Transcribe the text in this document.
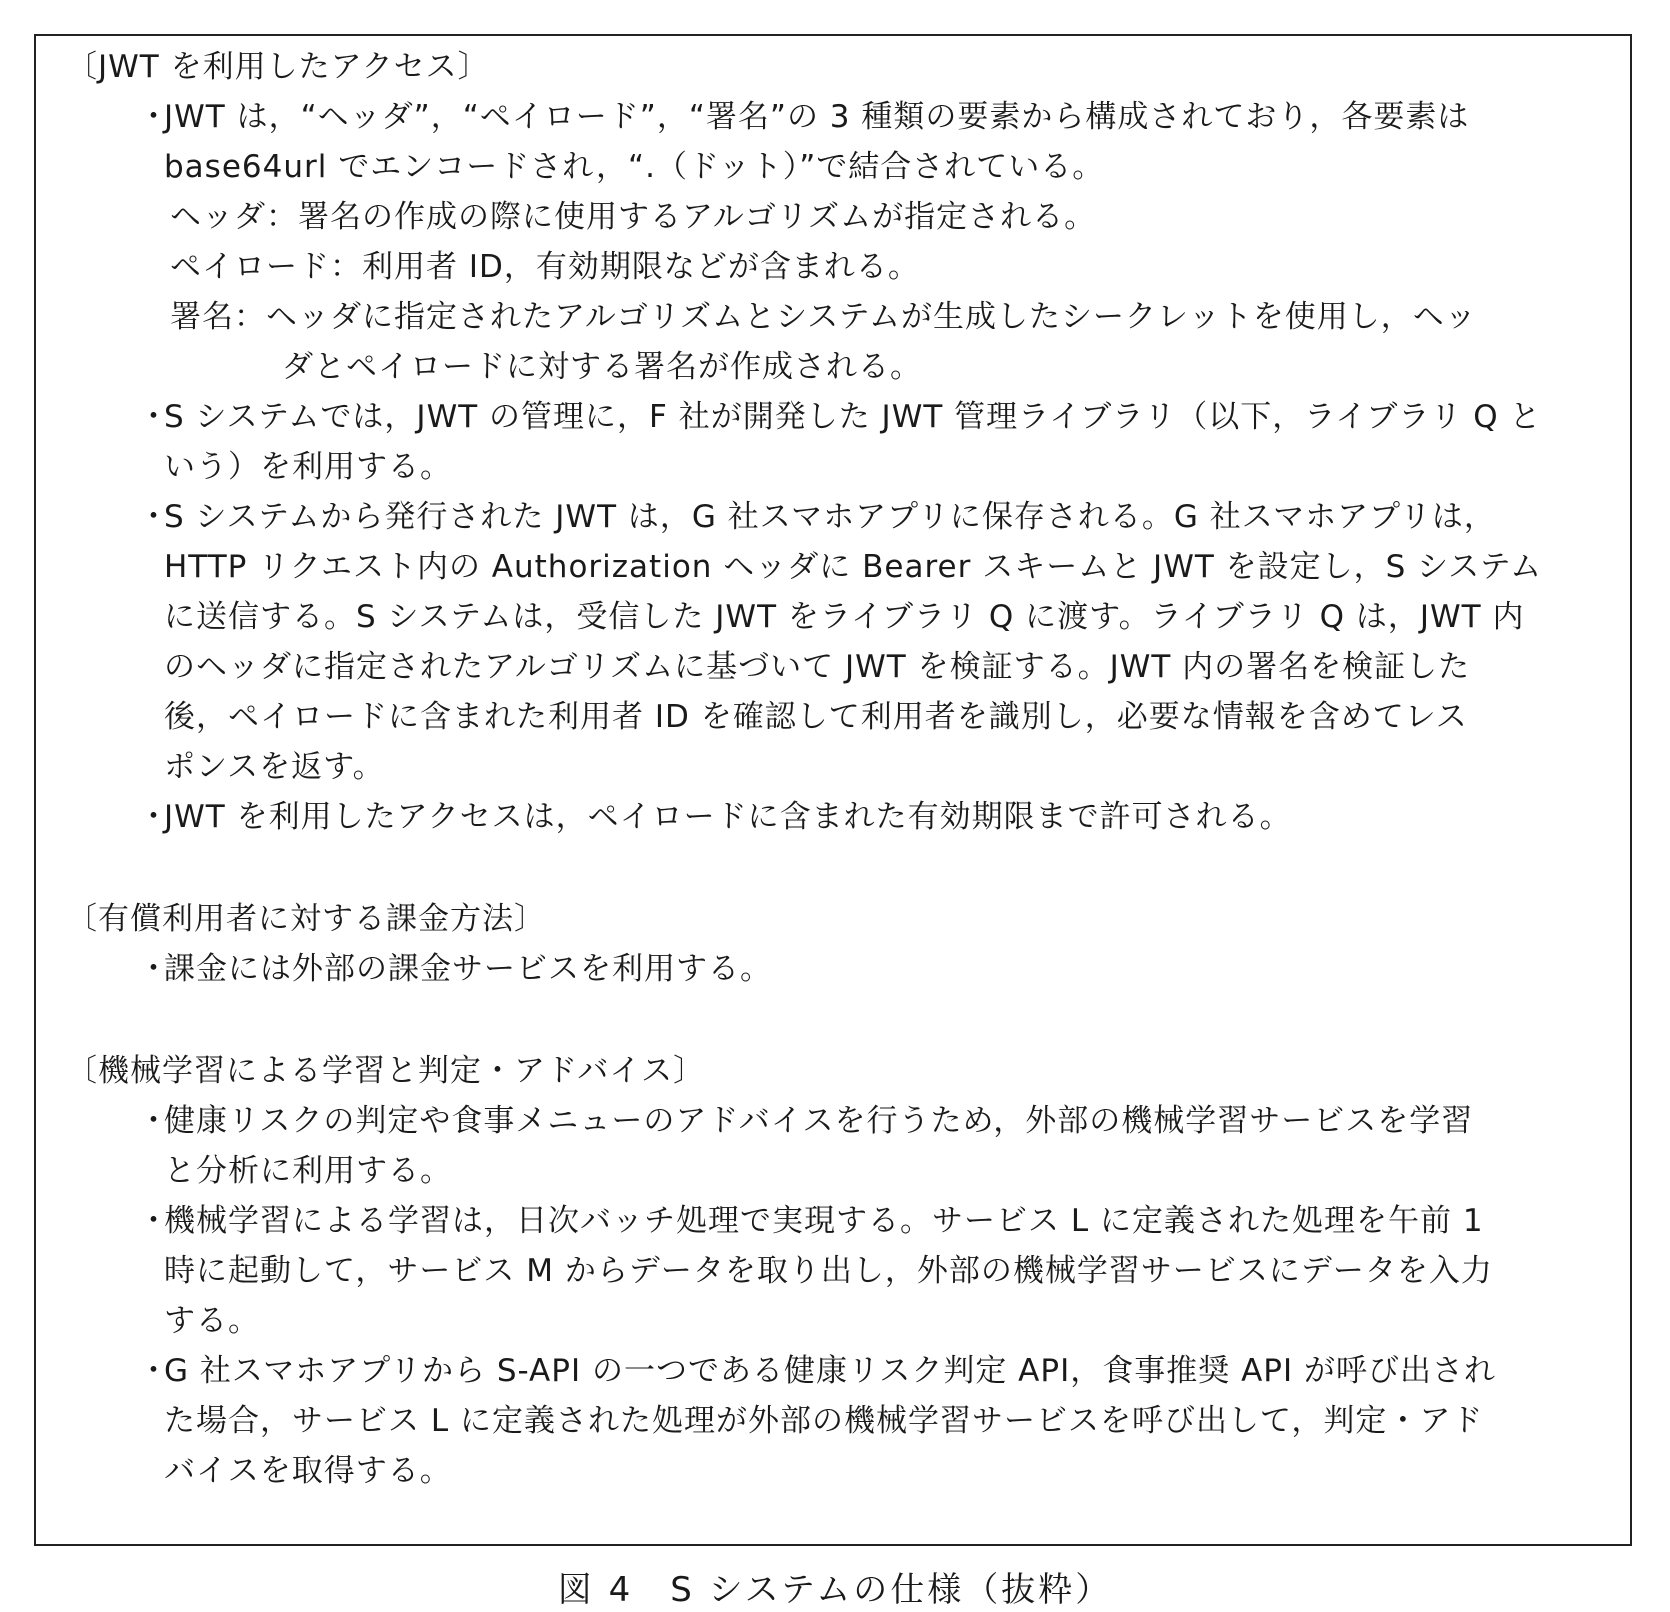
〔JWT を利用したアクセス〕

・
JWT は，“ヘッダ”，“ペイロード”，“署名”の 3 種類の要素から構成されており，各要素は
base64url でエンコードされ，“.（ドット）”で結合されている。
ヘッダ：署名の作成の際に使用するアルゴリズムが指定される。
ペイロード：利用者 ID，有効期限などが含まれる。
署名：ヘッダに指定されたアルゴリズムとシステムが生成したシークレットを使用し，ヘッ
ダとペイロードに対する署名が作成される。
・
S システムでは，JWT の管理に，F 社が開発した JWT 管理ライブラリ（以下，ライブラリ Q と
いう）を利用する。
・
S システムから発行された JWT は，G 社スマホアプリに保存される。G 社スマホアプリは，
HTTP リクエスト内の Authorization ヘッダに Bearer スキームと JWT を設定し，S システム
に送信する。S システムは，受信した JWT をライブラリ Q に渡す。ライブラリ Q は，JWT 内
のヘッダに指定されたアルゴリズムに基づいて JWT を検証する。JWT 内の署名を検証した
後，ペイロードに含まれた利用者 ID を確認して利用者を識別し，必要な情報を含めてレス
ポンスを返す。
・
JWT を利用したアクセスは，ペイロードに含まれた有効期限まで許可される。

〔有償利用者に対する課金方法〕

・
課金には外部の課金サービスを利用する。

〔機械学習による学習と判定・アドバイス〕

・
健康リスクの判定や食事メニューのアドバイスを行うため，外部の機械学習サービスを学習
と分析に利用する。
・
機械学習による学習は，日次バッチ処理で実現する。サービス L に定義された処理を午前 1
時に起動して，サービス M からデータを取り出し，外部の機械学習サービスにデータを入力
する。
・
G 社スマホアプリから S-API の一つである健康リスク判定 API，食事推奨 API が呼び出され
た場合，サービス L に定義された処理が外部の機械学習サービスを呼び出して，判定・アド
バイスを取得する。
図 4　S システムの仕様（抜粋）
